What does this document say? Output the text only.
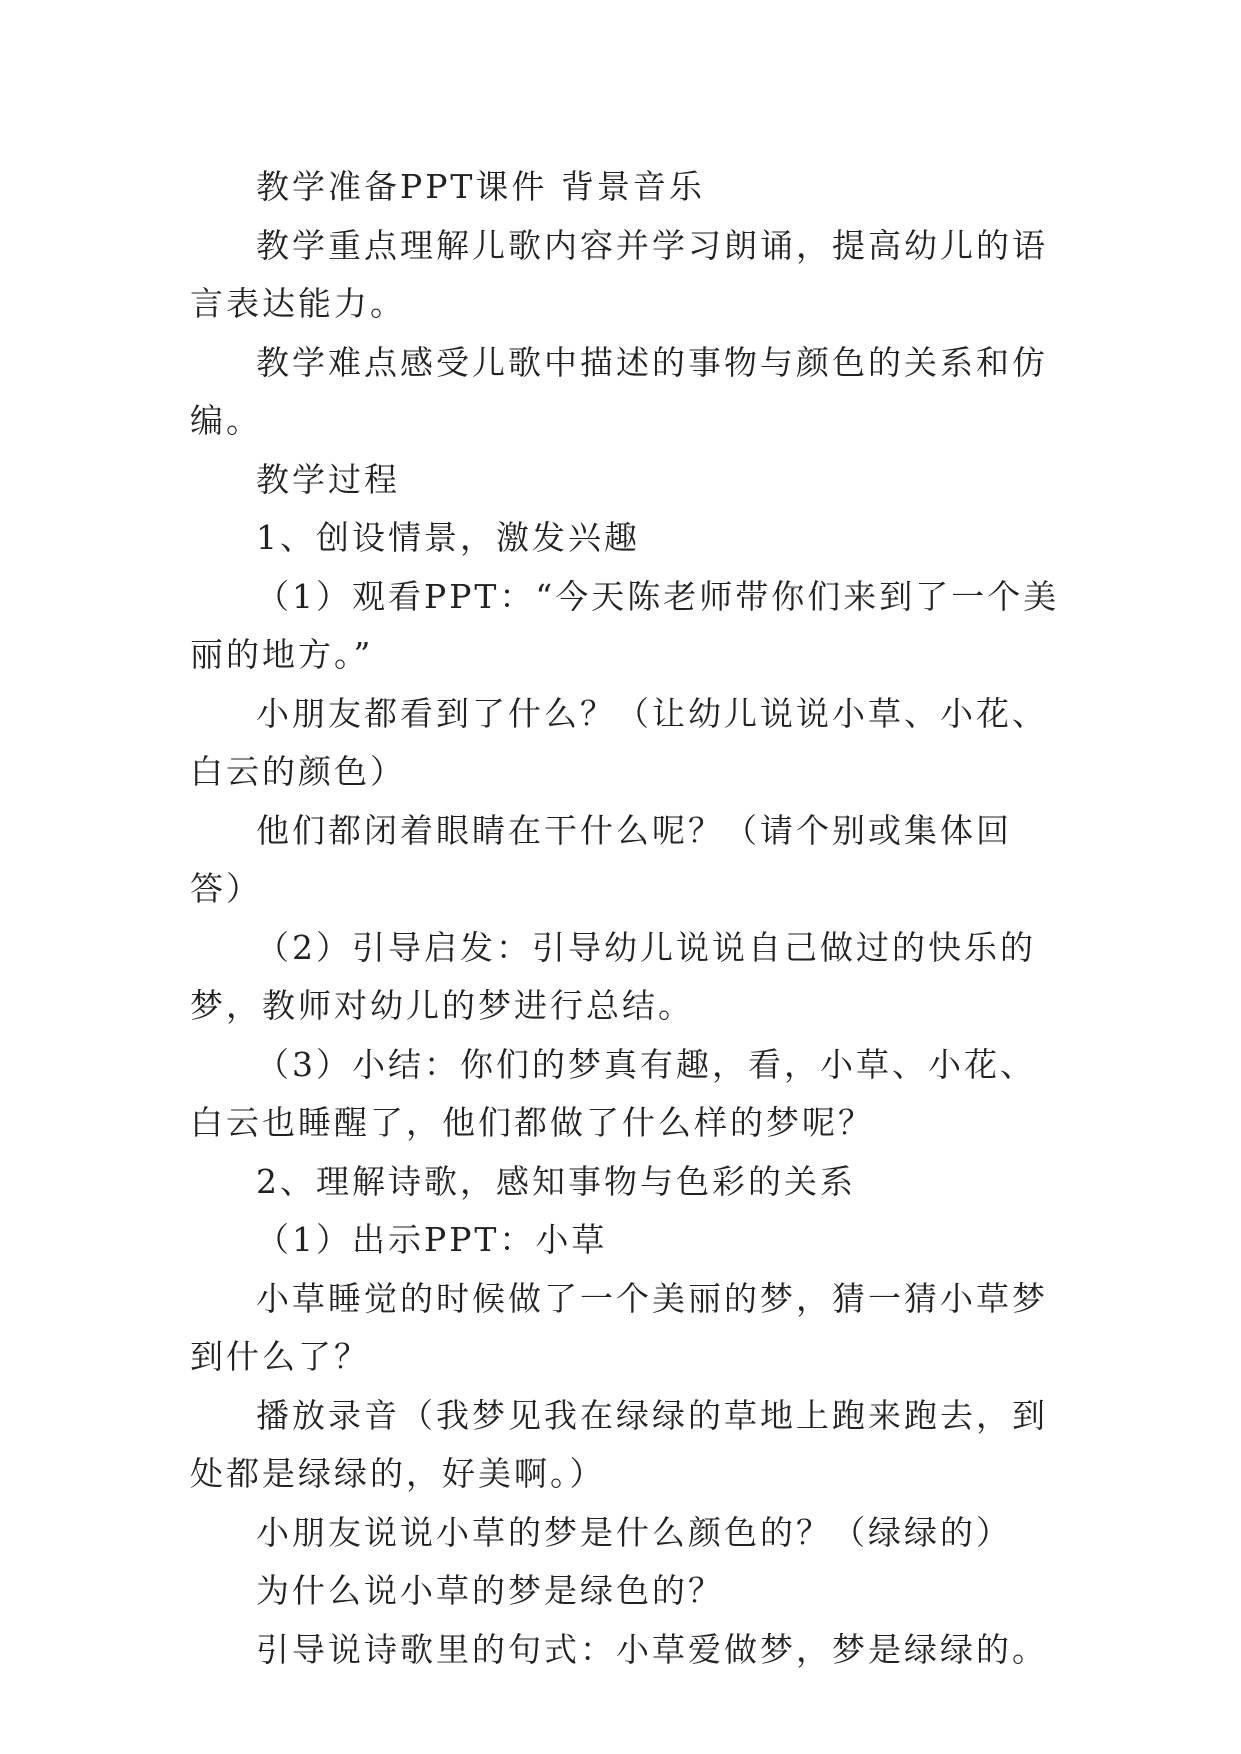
教学准备PPT课件 背景音乐

教学重点理解儿歌内容并学习朗诵，提高幼儿的语言表达能力。

教学难点感受儿歌中描述的事物与颜色的关系和仿编。

教学过程

1、创设情景，激发兴趣

（1）观看PPT：“今天陈老师带你们来到了一个美丽的地方。”

小朋友都看到了什么？（让幼儿说说小草、小花、白云的颜色）

他们都闭着眼睛在干什么呢？（请个别或集体回答）

（2）引导启发：引导幼儿说说自己做过的快乐的梦，教师对幼儿的梦进行总结。

（3）小结：你们的梦真有趣，看，小草、小花、白云也睡醒了，他们都做了什么样的梦呢？

2、理解诗歌，感知事物与色彩的关系

（1）出示PPT：小草

小草睡觉的时候做了一个美丽的梦，猜一猜小草梦到什么了？

播放录音（我梦见我在绿绿的草地上跑来跑去，到处都是绿绿的，好美啊。）

小朋友说说小草的梦是什么颜色的？（绿绿的）

为什么说小草的梦是绿色的？

引导说诗歌里的句式：小草爱做梦，梦是绿绿的。
